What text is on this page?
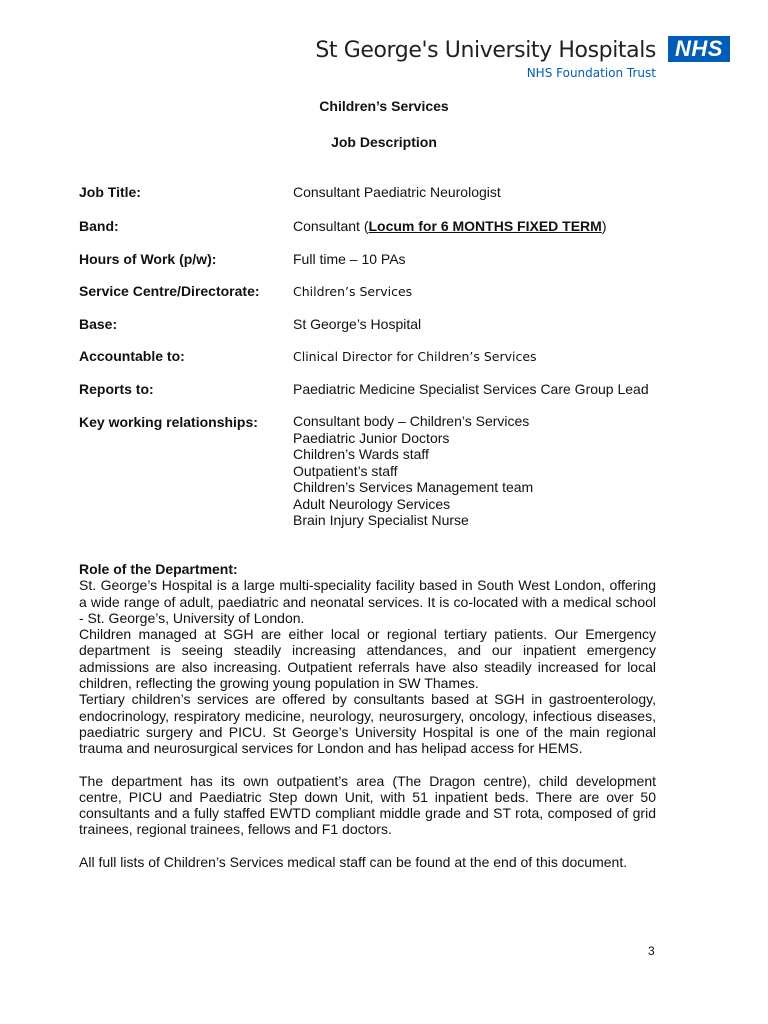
St George's University Hospitals NHS
NHS Foundation Trust
Children’s Services
Job Description
Job Title:	Consultant Paediatric Neurologist
Band:	Consultant (Locum for 6 MONTHS FIXED TERM)
Hours of Work (p/w):	Full time – 10 PAs
Service Centre/Directorate:	Children’s Services
Base:	St George’s Hospital
Accountable to:	Clinical Director for Children’s Services
Reports to:	Paediatric Medicine Specialist Services Care Group Lead
Key working relationships:	Consultant body – Children’s Services
Paediatric Junior Doctors
Children’s Wards staff
Outpatient’s staff
Children’s Services Management team
Adult Neurology Services
Brain Injury Specialist Nurse

Role of the Department:

St. George’s Hospital is a large multi-speciality facility based in South West London, offering a wide range of adult, paediatric and neonatal services. It is co-located with a medical school - St. George’s, University of London.

Children managed at SGH are either local or regional tertiary patients. Our Emergency department is seeing steadily increasing attendances, and our inpatient emergency admissions are also increasing. Outpatient referrals have also steadily increased for local children, reflecting the growing young population in SW Thames.

Tertiary children’s services are offered by consultants based at SGH in gastroenterology, endocrinology, respiratory medicine, neurology, neurosurgery, oncology, infectious diseases, paediatric surgery and PICU. St George’s University Hospital is one of the main regional trauma and neurosurgical services for London and has helipad access for HEMS.

The department has its own outpatient’s area (The Dragon centre), child development centre, PICU and Paediatric Step down Unit, with 51 inpatient beds. There are over 50 consultants and a fully staffed EWTD compliant middle grade and ST rota, composed of grid trainees, regional trainees, fellows and F1 doctors.

All full lists of Children’s Services medical staff can be found at the end of this document.

3
